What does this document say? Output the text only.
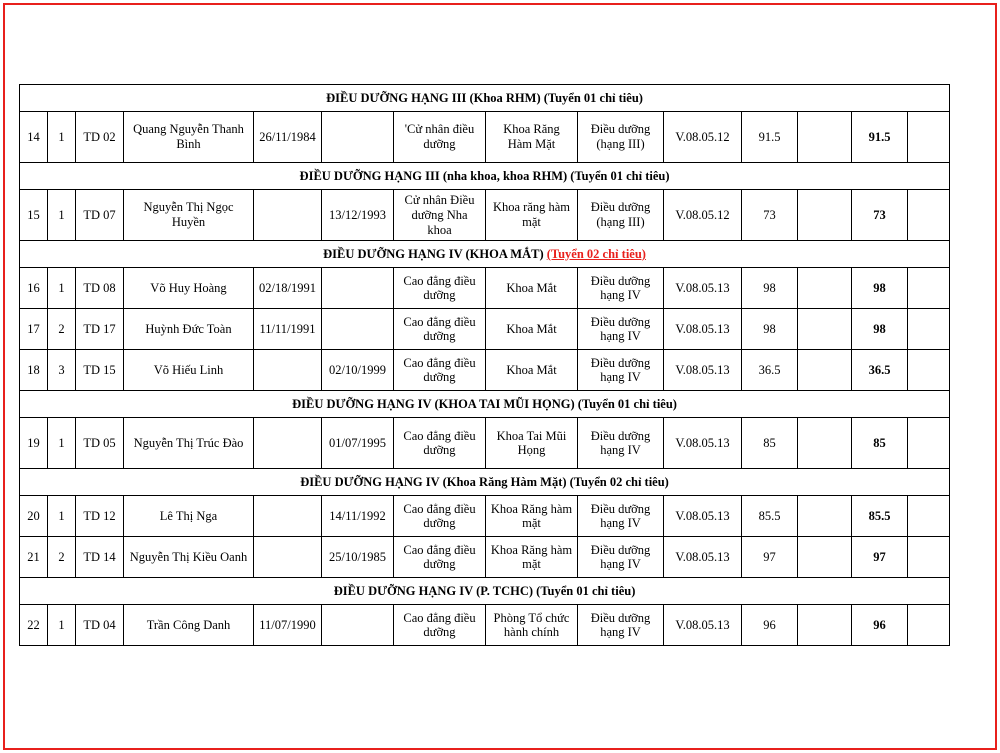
ĐIỀU DƯỠNG HẠNG III (Khoa RHM) (Tuyển 01 chỉ tiêu)													
14	1	TD 02	Quang Nguyễn Thanh Bình	26/11/1984		'Cử nhân điều dưỡng	Khoa Răng Hàm Mặt	Điều dưỡng (hạng III)	V.08.05.12	91.5		91.5	
ĐIỀU DƯỠNG HẠNG III (nha khoa, khoa RHM) (Tuyển 01 chỉ tiêu)													
15	1	TD 07	Nguyễn Thị Ngọc Huyền		13/12/1993	Cử nhân Điều dưỡng Nha khoa	Khoa răng hàm mặt	Điều dưỡng (hạng III)	V.08.05.12	73		73	
ĐIỀU DƯỠNG HẠNG IV (KHOA MẮT) (Tuyển 02 chỉ tiêu)													
16	1	TD 08	Võ Huy Hoàng	02/18/1991		Cao đẳng điều dưỡng	Khoa Mắt	Điều dưỡng hạng IV	V.08.05.13	98		98	
17	2	TD 17	Huỳnh Đức Toàn	11/11/1991		Cao đẳng điều dưỡng	Khoa Mắt	Điều dưỡng hạng IV	V.08.05.13	98		98	
18	3	TD 15	Võ Hiếu Linh		02/10/1999	Cao đẳng điều dưỡng	Khoa Mắt	Điều dưỡng hạng IV	V.08.05.13	36.5		36.5	
ĐIỀU DƯỠNG HẠNG IV (KHOA TAI MŨI HỌNG) (Tuyển 01 chỉ tiêu)													
19	1	TD 05	Nguyễn Thị Trúc Đào		01/07/1995	Cao đẳng điều dưỡng	Khoa Tai Mũi Họng	Điều dưỡng hạng IV	V.08.05.13	85		85	
ĐIỀU DƯỠNG HẠNG IV (Khoa Răng Hàm Mặt) (Tuyển 02 chỉ tiêu)													
20	1	TD 12	Lê Thị Nga		14/11/1992	Cao đẳng điều dưỡng	Khoa Răng hàm mặt	Điều dưỡng hạng IV	V.08.05.13	85.5		85.5	
21	2	TD 14	Nguyễn Thị Kiều Oanh		25/10/1985	Cao đẳng điều dưỡng	Khoa Răng hàm mặt	Điều dưỡng hạng IV	V.08.05.13	97		97	
ĐIỀU DƯỠNG HẠNG IV (P. TCHC) (Tuyển 01 chỉ tiêu)													
22	1	TD 04	Trần Công Danh	11/07/1990		Cao đẳng điều dưỡng	Phòng Tổ chức hành chính	Điều dưỡng hạng IV	V.08.05.13	96		96	
